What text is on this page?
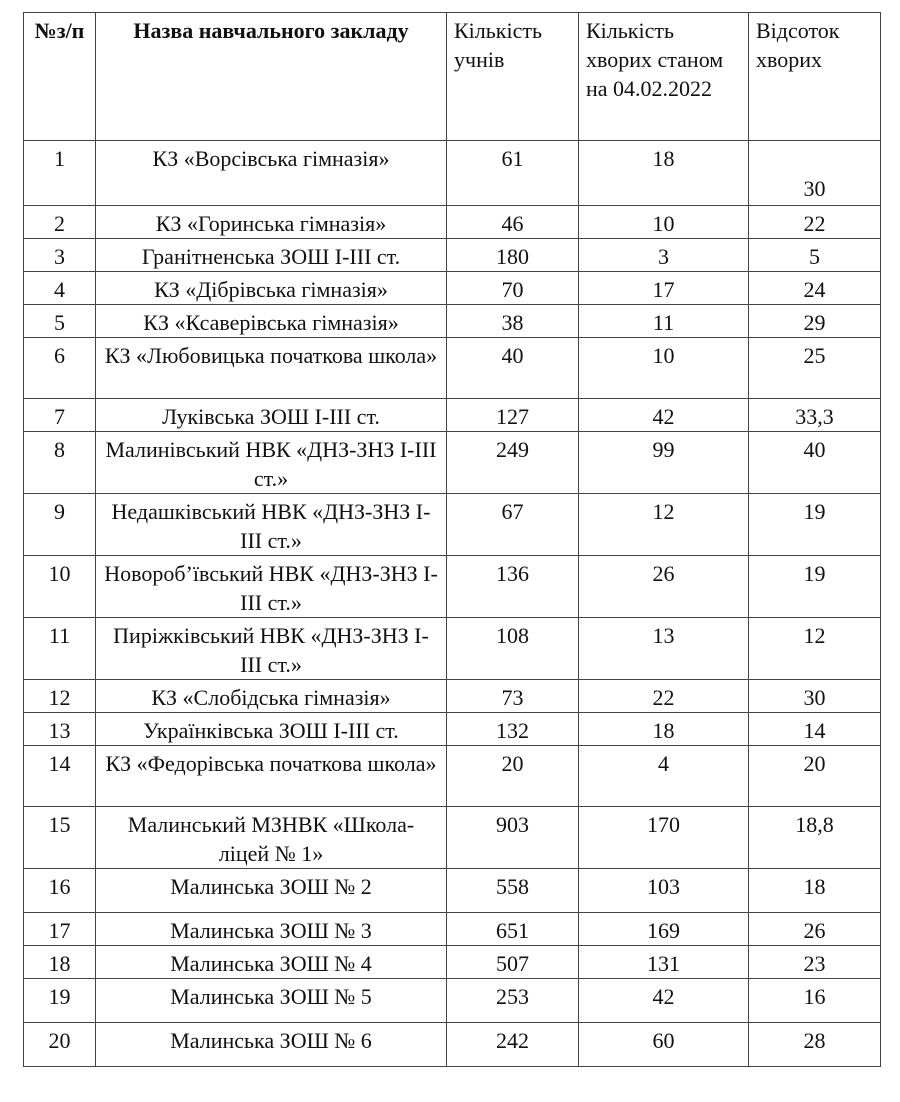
№з/п	Назва навчального закладу	Кількість учнів	Кількість хворих станом на 04.02.2022	Відсоток хворих
1	КЗ «Ворсівська гімназія»	61	18	30
2	КЗ «Горинська гімназія»	46	10	22
3	Гранітненська ЗОШ І-ІІІ ст.	180	3	5
4	КЗ «Дібрівська гімназія»	70	17	24
5	КЗ «Ксаверівська гімназія»	38	11	29
6	КЗ «Любовицька початкова школа»	40	10	25
7	Луківська ЗОШ І-ІІІ ст.	127	42	33,3
8	Малинівський НВК «ДНЗ-ЗНЗ І-ІІІ ст.»	249	99	40
9	Недашківський НВК «ДНЗ-ЗНЗ І-ІІІ ст.»	67	12	19
10	Новороб’ївський НВК «ДНЗ-ЗНЗ І-ІІІ ст.»	136	26	19
11	Пиріжківський НВК «ДНЗ-ЗНЗ І-ІІІ ст.»	108	13	12
12	КЗ «Слобідська гімназія»	73	22	30
13	Українківська ЗОШ І-ІІІ ст.	132	18	14
14	КЗ «Федорівська початкова школа»	20	4	20
15	Малинський МЗНВК «Школа-ліцей № 1»	903	170	18,8
16	Малинська ЗОШ № 2	558	103	18
17	Малинська ЗОШ № 3	651	169	26
18	Малинська ЗОШ № 4	507	131	23
19	Малинська ЗОШ № 5	253	42	16
20	Малинська ЗОШ № 6	242	60	28
